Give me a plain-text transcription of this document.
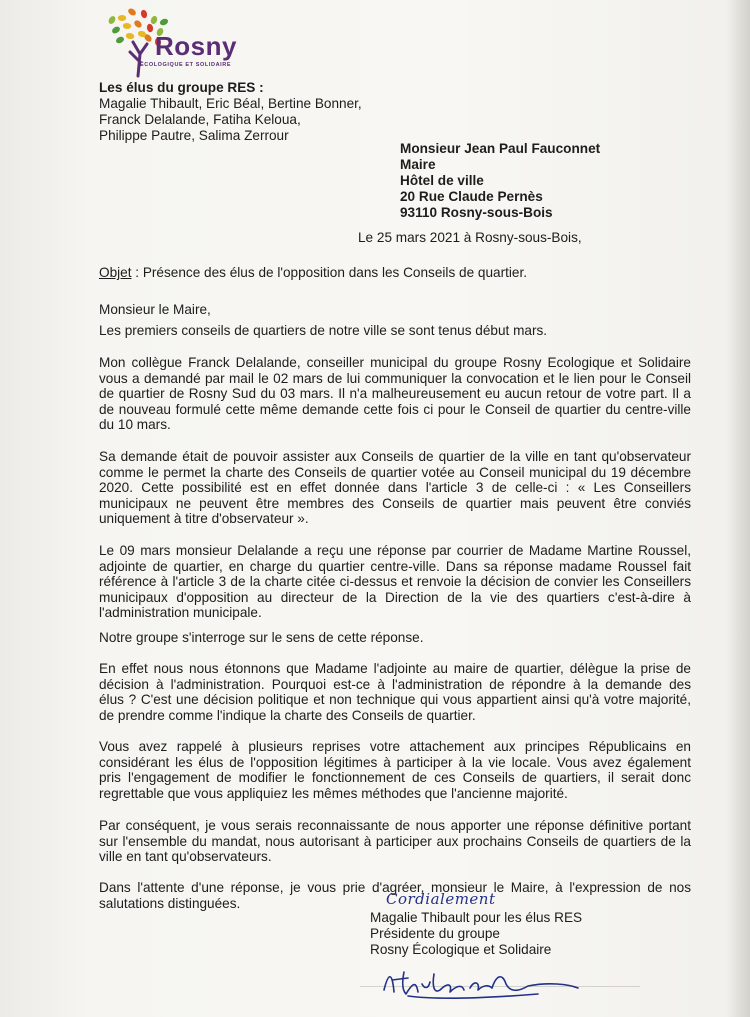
Rosny
ÉCOLOGIQUE ET SOLIDAIRE
Les élus du groupe RES :
Magalie Thibault, Eric Béal, Bertine Bonner,
Franck Delalande, Fatiha Keloua,
Philippe Pautre, Salima Zerrour
Monsieur Jean Paul Fauconnet
Maire
Hôtel de ville
20 Rue Claude Pernès
93110 Rosny-sous-Bois
Le 25 mars 2021 à Rosny-sous-Bois,
Objet : Présence des élus de l'opposition dans les Conseils de quartier.
Monsieur le Maire,
Les premiers conseils de quartiers de notre ville se sont tenus début mars.
Mon collègue Franck Delalande, conseiller municipal du groupe Rosny Ecologique et Solidaire
vous a demandé par mail le 02 mars de lui communiquer la convocation et le lien pour le Conseil
de quartier de Rosny Sud du 03 mars. Il n'a malheureusement eu aucun retour de votre part. Il a
de nouveau formulé cette même demande cette fois ci pour le Conseil de quartier du centre-ville
du 10 mars.
Sa demande était de pouvoir assister aux Conseils de quartier de la ville en tant qu'observateur
comme le permet la charte des Conseils de quartier votée au Conseil municipal du 19 décembre
2020. Cette possibilité est en effet donnée dans l'article 3 de celle-ci : « Les Conseillers
municipaux ne peuvent être membres des Conseils de quartier mais peuvent être conviés
uniquement à titre d'observateur ».
Le 09 mars monsieur Delalande a reçu une réponse par courrier de Madame Martine Roussel,
adjointe de quartier, en charge du quartier centre-ville. Dans sa réponse madame Roussel fait
référence à l'article 3 de la charte citée ci-dessus et renvoie la décision de convier les Conseillers
municipaux d'opposition au directeur de la Direction de la vie des quartiers c'est-à-dire à
l'administration municipale.
Notre groupe s'interroge sur le sens de cette réponse.
En effet nous nous étonnons que Madame l'adjointe au maire de quartier, délègue la prise de
décision à l'administration. Pourquoi est-ce à l'administration de répondre à la demande des
élus ? C'est une décision politique et non technique qui vous appartient ainsi qu'à votre majorité,
de prendre comme l'indique la charte des Conseils de quartier.
Vous avez rappelé à plusieurs reprises votre attachement aux principes Républicains en
considérant les élus de l'opposition légitimes à participer à la vie locale. Vous avez également
pris l'engagement de modifier le fonctionnement de ces Conseils de quartiers, il serait donc
regrettable que vous appliquiez les mêmes méthodes que l'ancienne majorité.
Par conséquent, je vous serais reconnaissante de nous apporter une réponse définitive portant
sur l'ensemble du mandat, nous autorisant à participer aux prochains Conseils de quartiers de la
ville en tant qu'observateurs.
Dans l'attente d'une réponse, je vous prie d'agréer, monsieur le Maire, à l'expression de nos
salutations distinguées.	Cordialement
Magalie Thibault pour les élus RES
Présidente du groupe
Rosny Écologique et Solidaire
